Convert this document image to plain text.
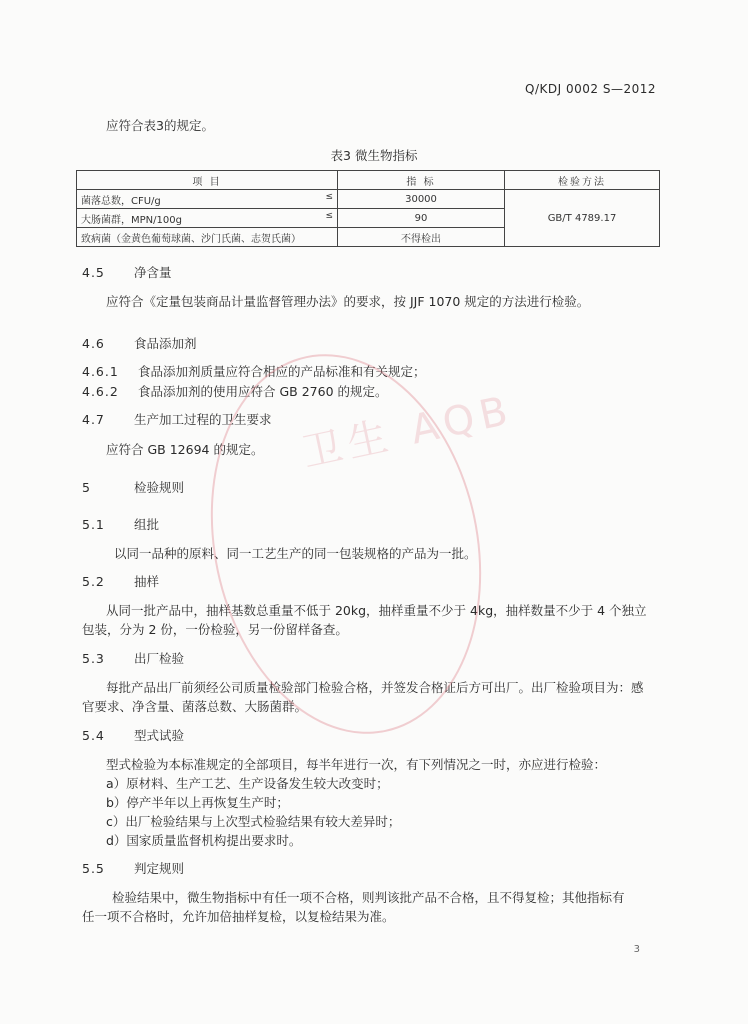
Q/KDJ 0002 S—2012
应符合表3的规定。
表3 微生物指标
项 目	指 标	检验方法
菌落总数，CFU/g ≤	30000	GB/T 4789.17
大肠菌群，MPN/100g ≤	90	
致病菌（金黄色葡萄球菌、沙门氏菌、志贺氏菌）	不得检出	
4.5 净含量
应符合《定量包装商品计量监督管理办法》的要求，按 JJF 1070 规定的方法进行检验。
4.6 食品添加剂
4.6.1 食品添加剂质量应符合相应的产品标准和有关规定；
4.6.2 食品添加剂的使用应符合 GB 2760 的规定。
4.7 生产加工过程的卫生要求
应符合 GB 12694 的规定。
5	检验规则
5.1 组批
以同一品种的原料、同一工艺生产的同一包装规格的产品为一批。
5.2 抽样
从同一批产品中，抽样基数总重量不低于 20kg，抽样重量不少于 4kg，抽样数量不少于 4 个独立
包装，分为 2 份，一份检验，另一份留样备查。
5.3 出厂检验
每批产品出厂前须经公司质量检验部门检验合格，并签发合格证后方可出厂。出厂检验项目为：感
官要求、净含量、菌落总数、大肠菌群。
5.4 型式试验
型式检验为本标准规定的全部项目，每半年进行一次，有下列情况之一时，亦应进行检验：
a）原材料、生产工艺、生产设备发生较大改变时；
b）停产半年以上再恢复生产时；
c）出厂检验结果与上次型式检验结果有较大差异时；
d）国家质量监督机构提出要求时。
5.5 判定规则
检验结果中，微生物指标中有任一项不合格，则判该批产品不合格，且不得复检；其他指标有
任一项不合格时，允许加倍抽样复检，以复检结果为准。
3
卫生 AQB
